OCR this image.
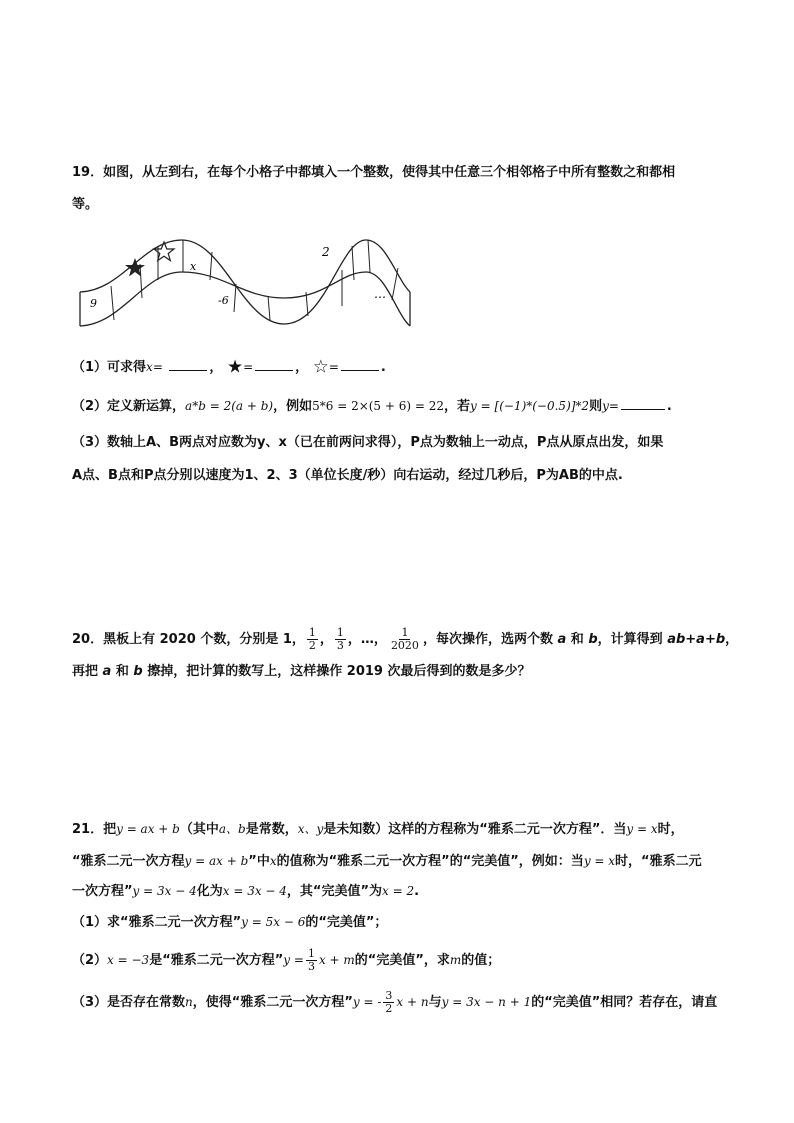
19．如图，从左到右，在每个小格子中都填入一个整数，使得其中任意三个相邻格子中所有整数之和都相
等。
9
x
-6
2
…
（1）可求得x=	， ★=	， ☆=	.
（2）定义新运算，a*b = 2(a + b)，例如5*6 = 2×(5 + 6) = 22，若y = [(−1)*(−0.5)]*2则y=	.
（3）数轴上A、B两点对应数为y、x（已在前两问求得），P点为数轴上一动点，P点从原点出发，如果
A点、B点和P点分别以速度为1、2、3（单位长度/秒）向右运动，经过几秒后，P为AB的中点.
20．黑板上有 2020 个数，分别是 1， $\frac{1}{2}$ ， $\frac{1}{3}$ ，…， $\frac{1}{2020}$ ，每次操作，选两个数 a 和 b，计算得到 ab+a+b，
再把 a 和 b 擦掉，把计算的数写上，这样操作 2019 次最后得到的数是多少？
21．把y = ax + b（其中a、b是常数，x、y是未知数）这样的方程称为“雅系二元一次方程”．当y = x时，
“雅系二元一次方程y = ax + b”中x的值称为“雅系二元一次方程”的“完美值”，例如：当y = x时，“雅系二元
一次方程”y = 3x − 4化为x = 3x − 4，其“完美值”为x = 2.
（1）求“雅系二元一次方程”y = 5x − 6的“完美值”；
（2）x = −3是“雅系二元一次方程”y = $\frac{1}{3}$ x + m的“完美值”，求m的值；
（3）是否存在常数n，使得“雅系二元一次方程”y = - $\frac{3}{2}$ x + n与y = 3x − n + 1的“完美值”相同？若存在，请直
